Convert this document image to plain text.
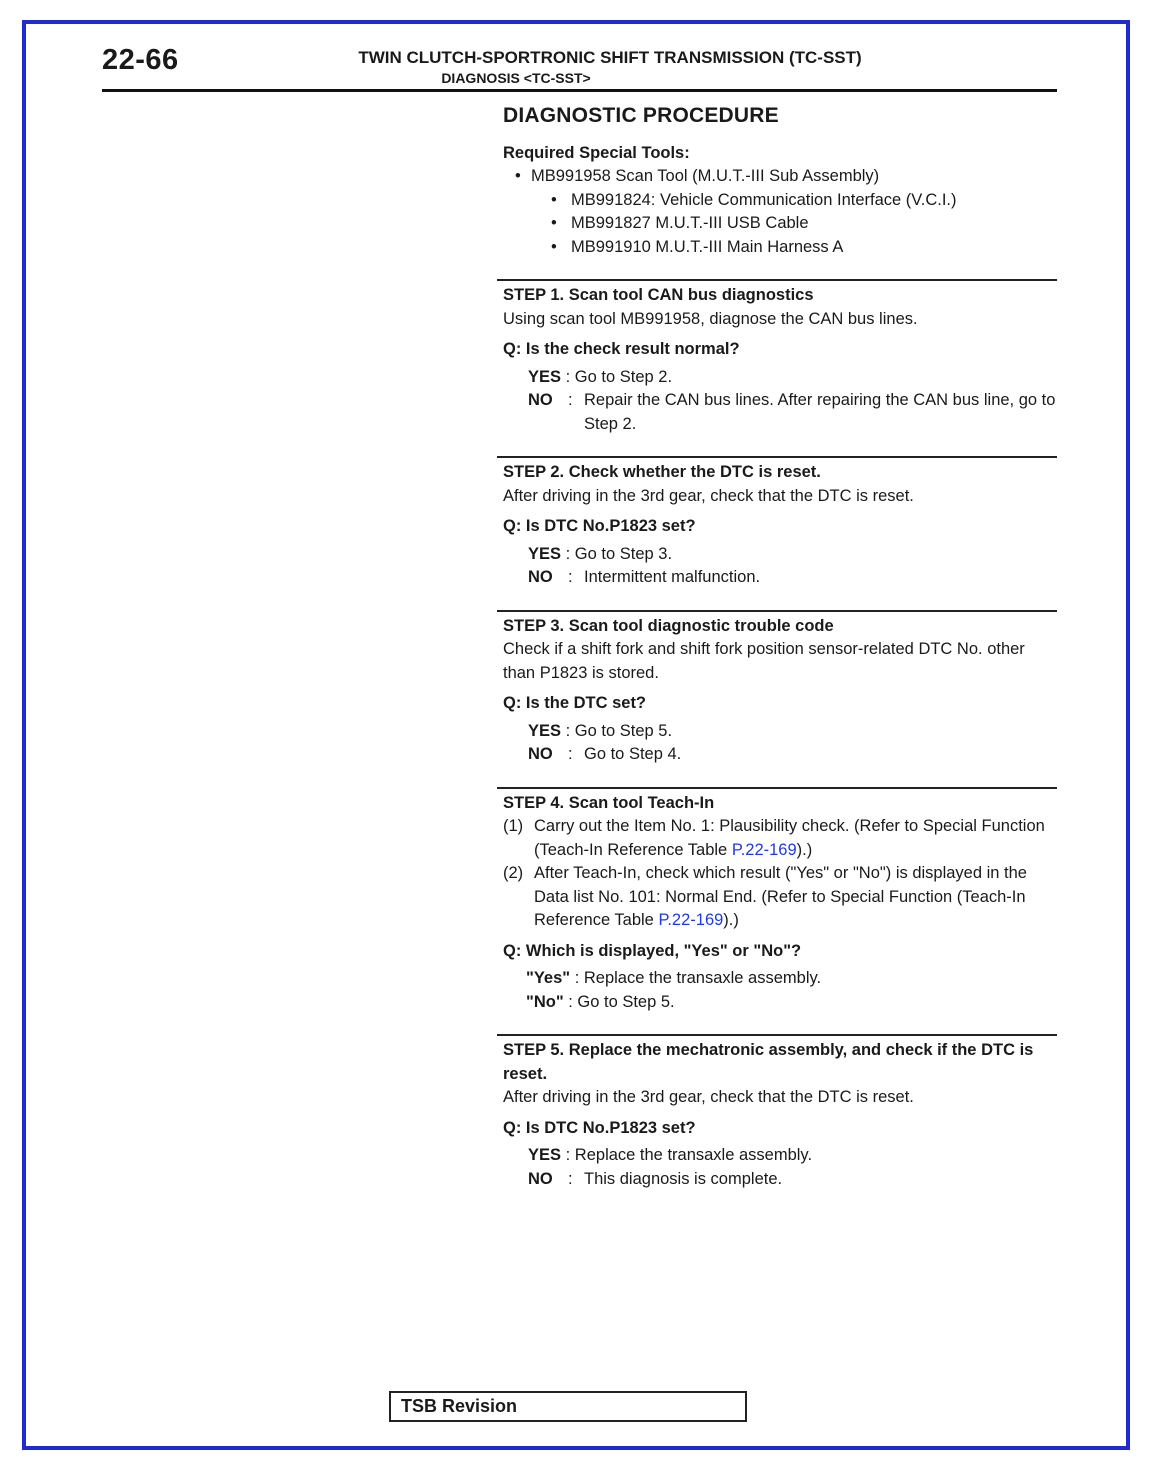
22-66	TWIN CLUTCH-SPORTRONIC SHIFT TRANSMISSION (TC-SST)
DIAGNOSIS <TC-SST>
DIAGNOSTIC PROCEDURE
Required Special Tools:
• MB991958 Scan Tool (M.U.T.-III Sub Assembly)
• MB991824: Vehicle Communication Interface (V.C.I.)
• MB991827 M.U.T.-III USB Cable
• MB991910 M.U.T.-III Main Harness A
STEP 1. Scan tool CAN bus diagnostics
Using scan tool MB991958, diagnose the CAN bus lines.
Q: Is the check result normal?
YES : Go to Step 2.
NO : Repair the CAN bus lines. After repairing the CAN bus line, go to Step 2.
STEP 2. Check whether the DTC is reset.
After driving in the 3rd gear, check that the DTC is reset.
Q: Is DTC No.P1823 set?
YES : Go to Step 3.
NO : Intermittent malfunction.
STEP 3. Scan tool diagnostic trouble code
Check if a shift fork and shift fork position sensor-related DTC No. other than P1823 is stored.
Q: Is the DTC set?
YES : Go to Step 5.
NO : Go to Step 4.
STEP 4. Scan tool Teach-In
(1) Carry out the Item No. 1: Plausibility check. (Refer to Special Function (Teach-In Reference Table P.22-169).)
(2) After Teach-In, check which result ("Yes" or "No") is displayed in the Data list No. 101: Normal End. (Refer to Special Function (Teach-In Reference Table P.22-169).)
Q: Which is displayed, "Yes" or "No"?
"Yes" : Replace the transaxle assembly.
"No" : Go to Step 5.
STEP 5. Replace the mechatronic assembly, and check if the DTC is reset.
After driving in the 3rd gear, check that the DTC is reset.
Q: Is DTC No.P1823 set?
YES : Replace the transaxle assembly.
NO : This diagnosis is complete.
TSB Revision
